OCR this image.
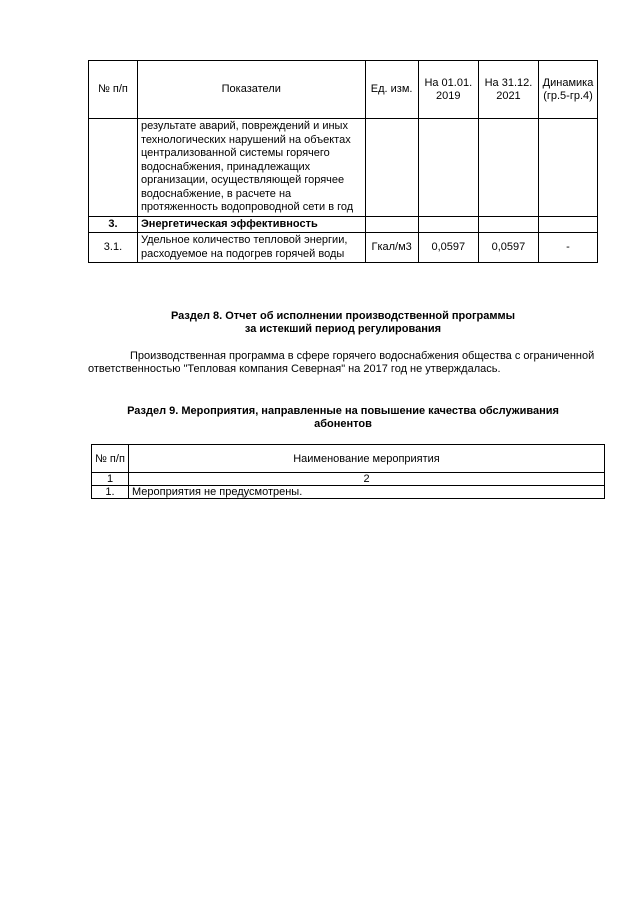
№ п/п	Показатели	Ед. изм.	На 01.01. 2019	На 31.12. 2021	Динамика (гр.5-гр.4)
	результате аварий, повреждений и иных технологических нарушений на объектах централизованной системы горячего водоснабжения, принадлежащих организации, осуществляющей горячее водоснабжение, в расчете на протяженность водопроводной сети в год				
3.	Энергетическая эффективность				
3.1.	Удельное количество тепловой энергии, расходуемое на подогрев горячей воды	Гкал/м3	0,0597	0,0597	-
Раздел 8. Отчет об исполнении производственной программы
за истекший период регулирования
Производственная программа в сфере горячего водоснабжения общества с ограниченной ответственностью "Тепловая компания Северная" на 2017 год не утверждалась.
Раздел 9. Мероприятия, направленные на повышение качества обслуживания
абонентов
№ п/п	Наименование мероприятия
1	2
1.	Мероприятия не предусмотрены.
